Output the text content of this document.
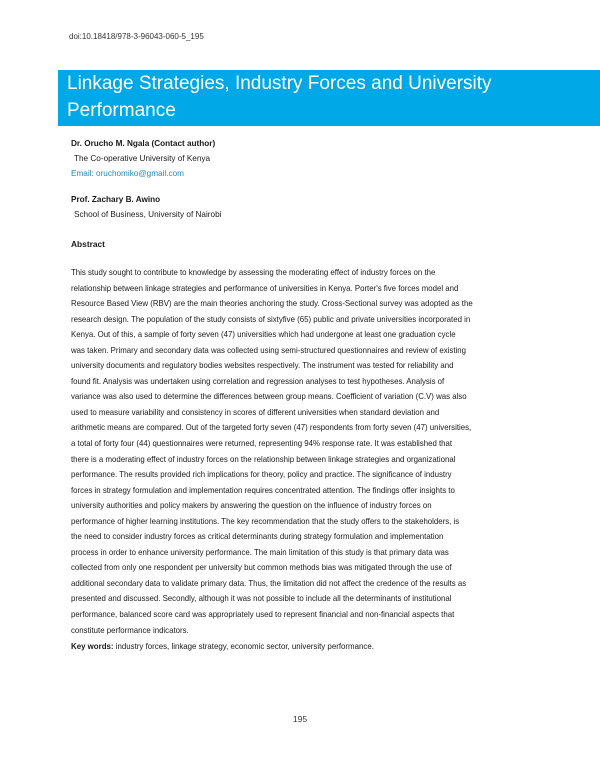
doi:10.18418/978-3-96043-060-5_195
Linkage Strategies, Industry Forces and University
Performance
Dr. Orucho M. Ngala (Contact author)
The Co-operative University of Kenya
Email: oruchomiko@gmail.com
Prof. Zachary B. Awino
School of Business, University of Nairobi
Abstract
This study sought to contribute to knowledge by assessing the moderating effect of industry forces on the
relationship between linkage strategies and performance of universities in Kenya. Porter's five forces model and
Resource Based View (RBV) are the main theories anchoring the study. Cross-Sectional survey was adopted as the
research design. The population of the study consists of sixtyfive (65) public and private universities incorporated in
Kenya. Out of this, a sample of forty seven (47) universities which had undergone at least one graduation cycle
was taken. Primary and secondary data was collected using semi-structured questionnaires and review of existing
university documents and regulatory bodies websites respectively. The instrument was tested for reliability and
found fit. Analysis was undertaken using correlation and regression analyses to test hypotheses. Analysis of
variance was also used to determine the differences between group means. Coefficient of variation (C.V) was also
used to measure variability and consistency in scores of different universities when standard deviation and
arithmetic means are compared. Out of the targeted forty seven (47) respondents from forty seven (47) universities,
a total of forty four (44) questionnaires were returned, representing 94% response rate. It was established that
there is a moderating effect of industry forces on the relationship between linkage strategies and organizational
performance. The results provided rich implications for theory, policy and practice. The significance of industry
forces in strategy formulation and implementation requires concentrated attention. The findings offer insights to
university authorities and policy makers by answering the question on the influence of industry forces on
performance of higher learning institutions. The key recommendation that the study offers to the stakeholders, is
the need to consider industry forces as critical determinants during strategy formulation and implementation
process in order to enhance university performance. The main limitation of this study is that primary data was
collected from only one respondent per university but common methods bias was mitigated through the use of
additional secondary data to validate primary data. Thus, the limitation did not affect the credence of the results as
presented and discussed. Secondly, although it was not possible to include all the determinants of institutional
performance, balanced score card was appropriately used to represent financial and non-financial aspects that
constitute performance indicators.
Key words: industry forces, linkage strategy, economic sector, university performance.
195
